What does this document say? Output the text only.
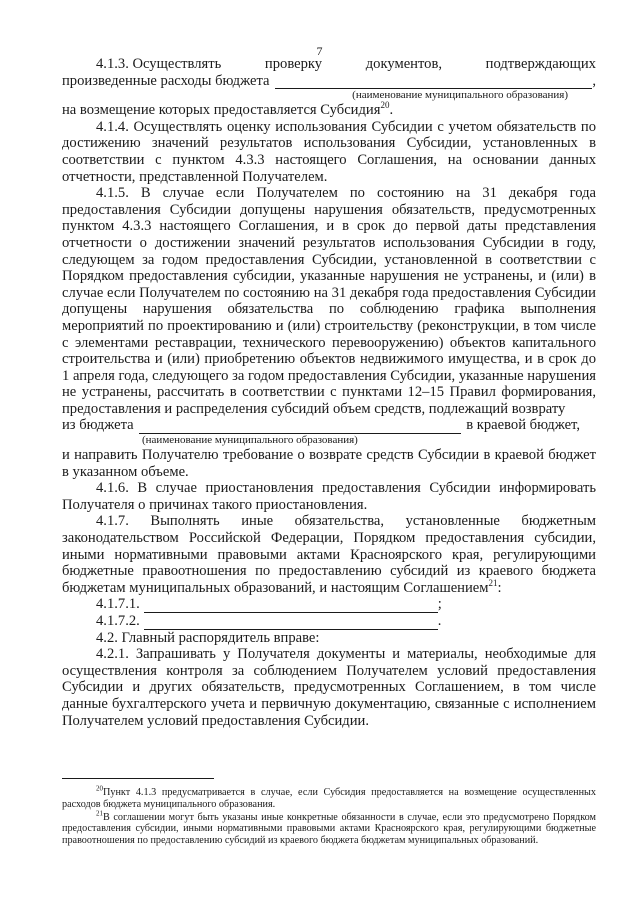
7
4.1.3. Осуществлять	проверку	документов,	подтверждающих
произведенные расходы бюджета	,
(наименование муниципального образования)

на возмещение которых предоставляется Субсидия$^{20}$.

4.1.4. Осуществлять оценку использования Субсидии с учетом обязательств по достижению значений результатов использования Субсидии, установленных в соответствии с пунктом 4.3.3 настоящего Соглашения, на основании данных отчетности, представленной Получателем.

4.1.5. В случае если Получателем по состоянию на 31 декабря года предоставления Субсидии допущены нарушения обязательств, предусмотренных пунктом 4.3.3 настоящего Соглашения, и в срок до первой даты представления отчетности о достижении значений результатов использования Субсидии в году, следующем за годом предоставления Субсидии, установленной в соответствии с Порядком предоставления субсидии, указанные нарушения не устранены, и (или) в случае если Получателем по состоянию на 31 декабря года предоставления Субсидии допущены нарушения обязательства по соблюдению графика выполнения мероприятий по проектированию и (или) строительству (реконструкции, в том числе с элементами реставрации, технического перевооружению) объектов капитального строительства и (или) приобретению объектов недвижимого имущества, и в срок до 1 апреля года, следующего за годом предоставления Субсидии, указанные нарушения не устранены, рассчитать в соответствии с пунктами 12–15 Правил формирования, предоставления и распределения субсидий объем средств, подлежащий возврату

из бюджета	в краевой бюджет,
(наименование муниципального образования)

и направить Получателю требование о возврате средств Субсидии в краевой бюджет в указанном объеме.

4.1.6. В случае приостановления предоставления Субсидии информировать Получателя о причинах такого приостановления.

4.1.7. Выполнять иные обязательства, установленные бюджетным законодательством Российской Федерации, Порядком предоставления субсидии, иными нормативными правовыми актами Красноярского края, регулирующими бюджетные правоотношения по предоставлению субсидий из краевого бюджета бюджетам муниципальных образований, и настоящим Соглашением$^{21}$:

4.1.7.1.	;
4.1.7.2.	.

4.2. Главный распорядитель вправе:

4.2.1. Запрашивать у Получателя документы и материалы, необходимые для осуществления контроля за соблюдением Получателем условий предоставления Субсидии и других обязательств, предусмотренных Соглашением, в том числе данные бухгалтерского учета и первичную документацию, связанные с исполнением Получателем условий предоставления Субсидии.

$^{20}$Пункт 4.1.3 предусматривается в случае, если Субсидия предоставляется на возмещение осуществленных расходов бюджета муниципального образования.

$^{21}$В соглашении могут быть указаны иные конкретные обязанности в случае, если это предусмотрено Порядком предоставления субсидии, иными нормативными правовыми актами Красноярского края, регулирующими бюджетные правоотношения по предоставлению субсидий из краевого бюджета бюджетам муниципальных образований.
